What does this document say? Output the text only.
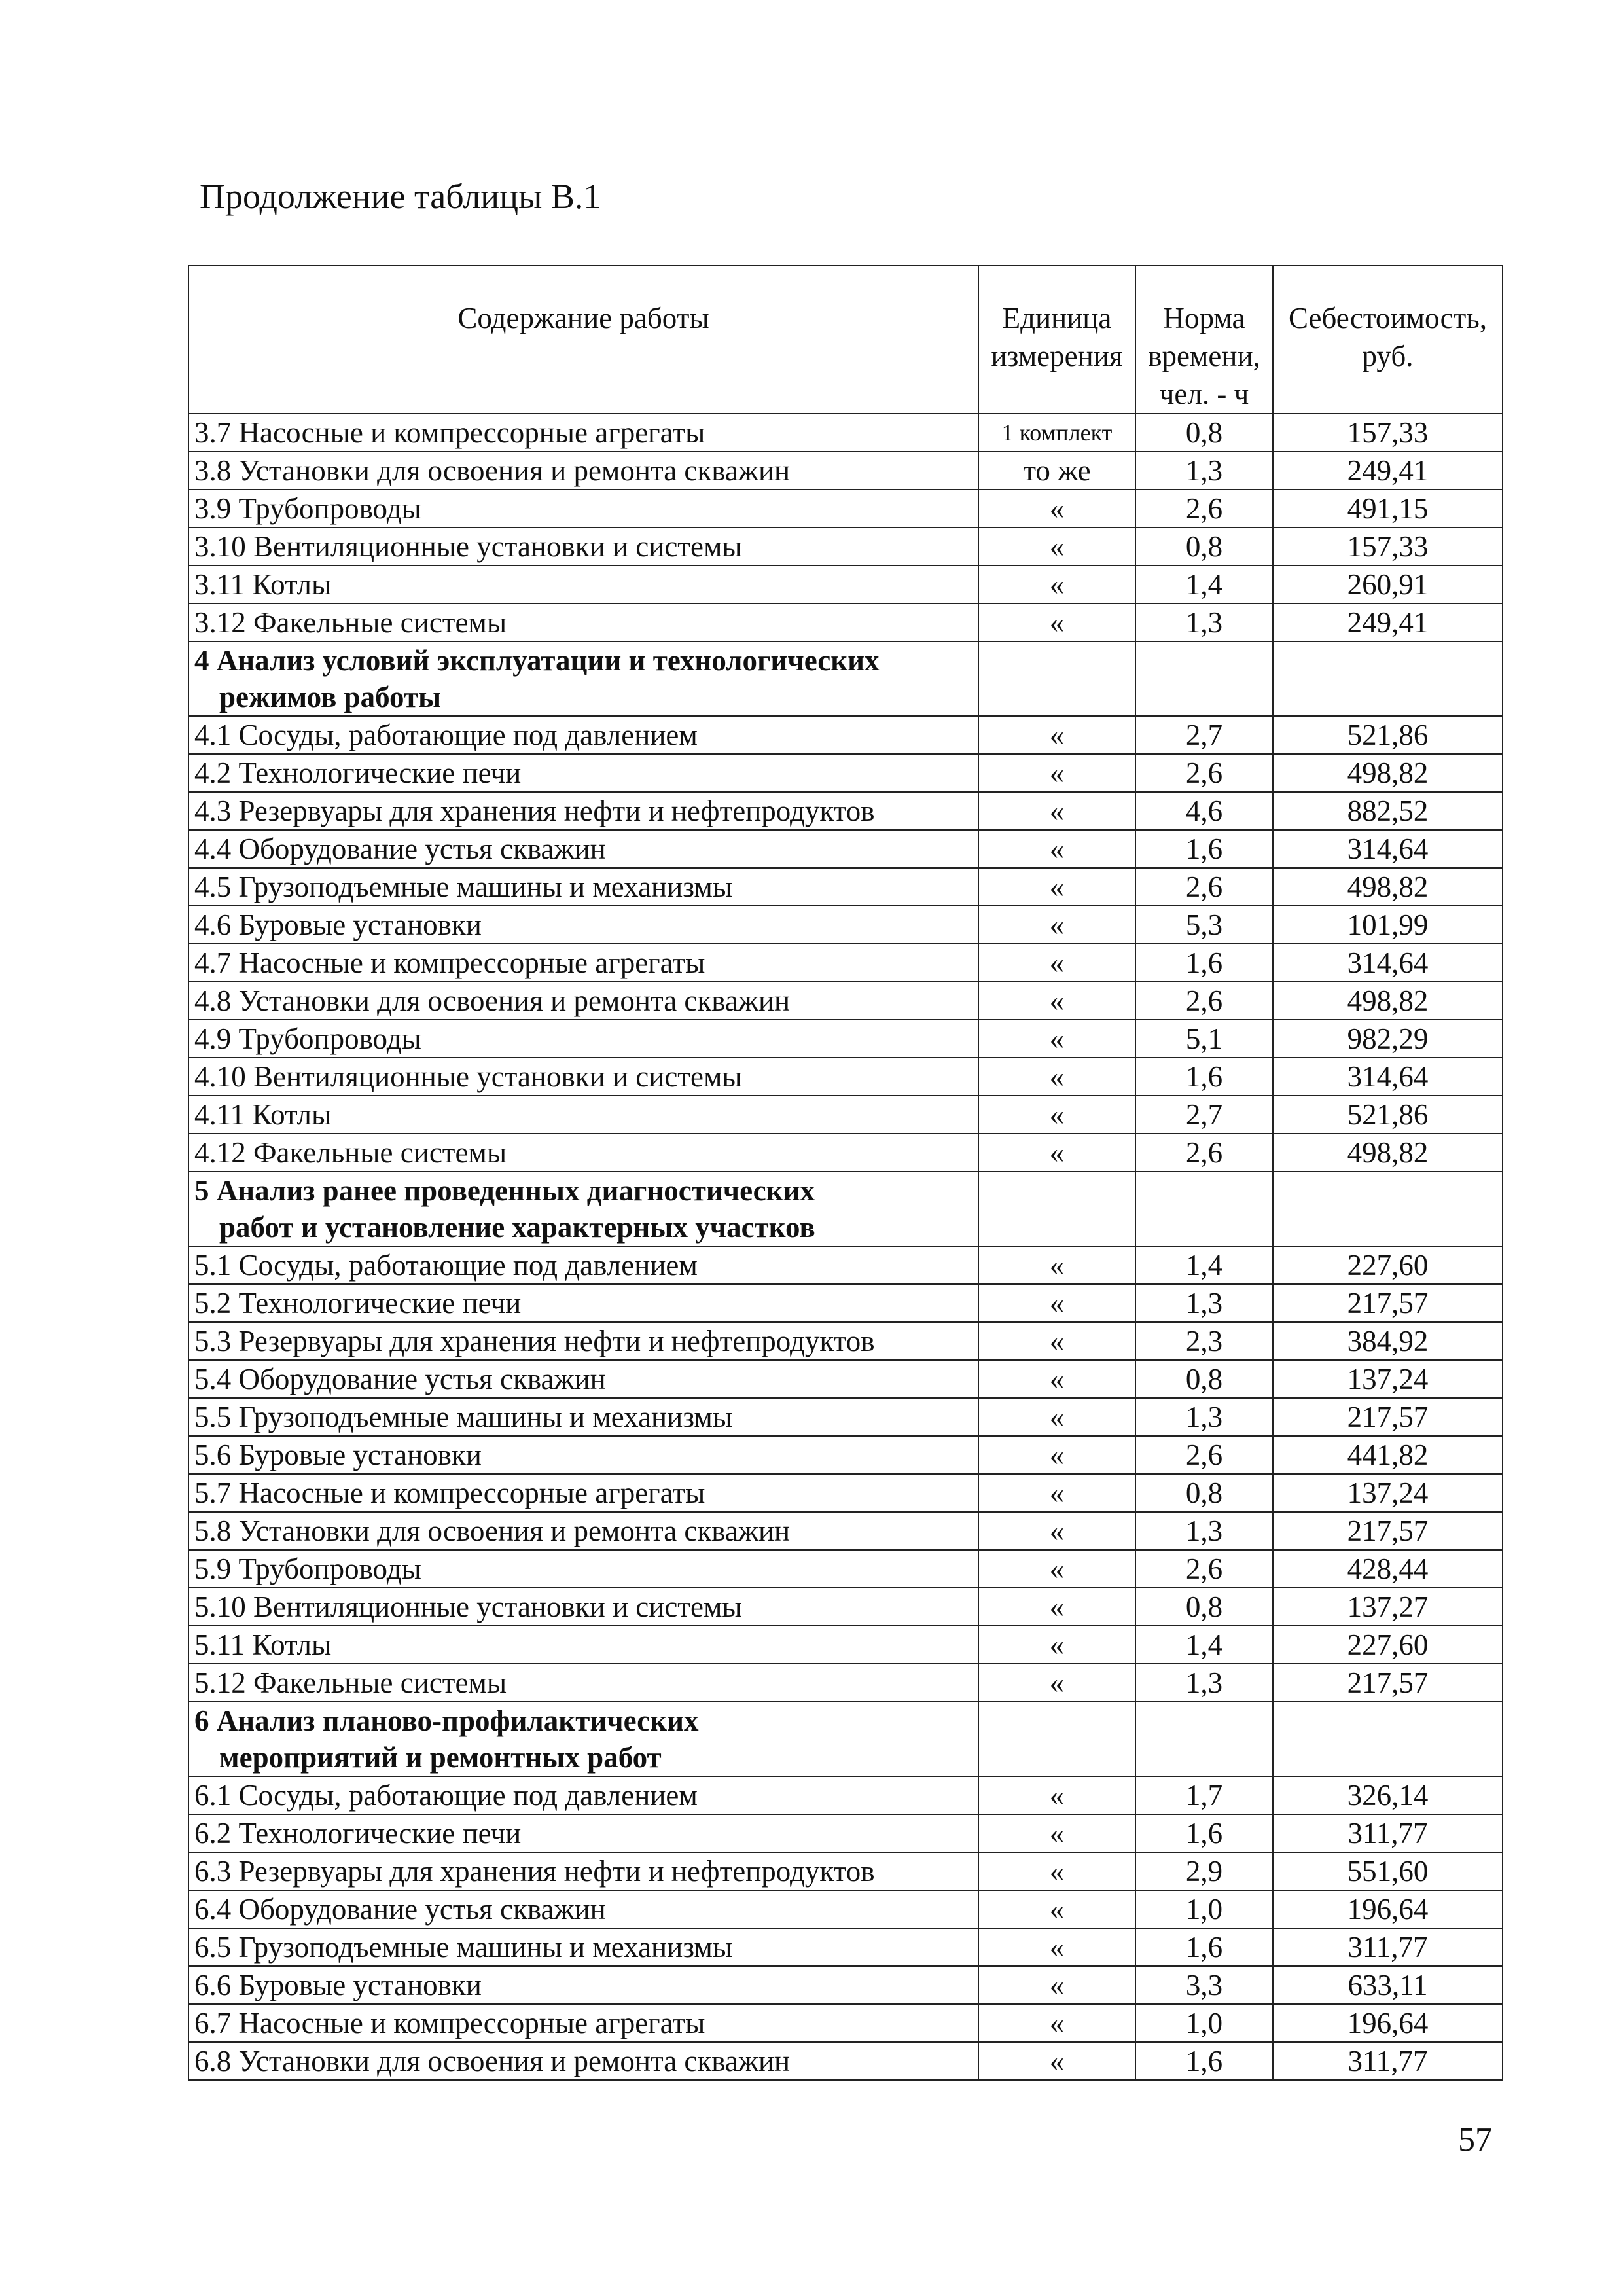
Продолжение таблицы В.1
Содержание работы	Единица измерения	Норма времени, чел. - ч	Себестоимость, руб.
3.7 Насосные и компрессорные агрегаты	1 комплект	0,8	157,33
3.8 Установки для освоения и ремонта скважин	то же	1,3	249,41
3.9 Трубопроводы	«	2,6	491,15
3.10 Вентиляционные установки и системы	«	0,8	157,33
3.11 Котлы	«	1,4	260,91
3.12 Факельные системы	«	1,3	249,41

4 Анализ условий эксплуатации и технологических
режимов работы			

4.1 Сосуды, работающие под давлением	«	2,7	521,86
4.2 Технологические печи	«	2,6	498,82
4.3 Резервуары для хранения нефти и нефтепродуктов	«	4,6	882,52
4.4 Оборудование устья скважин	«	1,6	314,64
4.5 Грузоподъемные машины и механизмы	«	2,6	498,82
4.6 Буровые установки	«	5,3	101,99
4.7 Насосные и компрессорные агрегаты	«	1,6	314,64
4.8 Установки для освоения и ремонта скважин	«	2,6	498,82
4.9 Трубопроводы	«	5,1	982,29
4.10 Вентиляционные установки и системы	«	1,6	314,64
4.11 Котлы	«	2,7	521,86
4.12 Факельные системы	«	2,6	498,82

5 Анализ ранее проведенных диагностических
работ и установление характерных участков			

5.1 Сосуды, работающие под давлением	«	1,4	227,60
5.2 Технологические печи	«	1,3	217,57
5.3 Резервуары для хранения нефти и нефтепродуктов	«	2,3	384,92
5.4 Оборудование устья скважин	«	0,8	137,24
5.5 Грузоподъемные машины и механизмы	«	1,3	217,57
5.6 Буровые установки	«	2,6	441,82
5.7 Насосные и компрессорные агрегаты	«	0,8	137,24
5.8 Установки для освоения и ремонта скважин	«	1,3	217,57
5.9 Трубопроводы	«	2,6	428,44
5.10 Вентиляционные установки и системы	«	0,8	137,27
5.11 Котлы	«	1,4	227,60
5.12 Факельные системы	«	1,3	217,57

6 Анализ планово-профилактических
мероприятий и ремонтных работ			

6.1 Сосуды, работающие под давлением	«	1,7	326,14
6.2 Технологические печи	«	1,6	311,77
6.3 Резервуары для хранения нефти и нефтепродуктов	«	2,9	551,60
6.4 Оборудование устья скважин	«	1,0	196,64
6.5 Грузоподъемные машины и механизмы	«	1,6	311,77
6.6 Буровые установки	«	3,3	633,11
6.7 Насосные и компрессорные агрегаты	«	1,0	196,64
6.8 Установки для освоения и ремонта скважин	«	1,6	311,77
57
